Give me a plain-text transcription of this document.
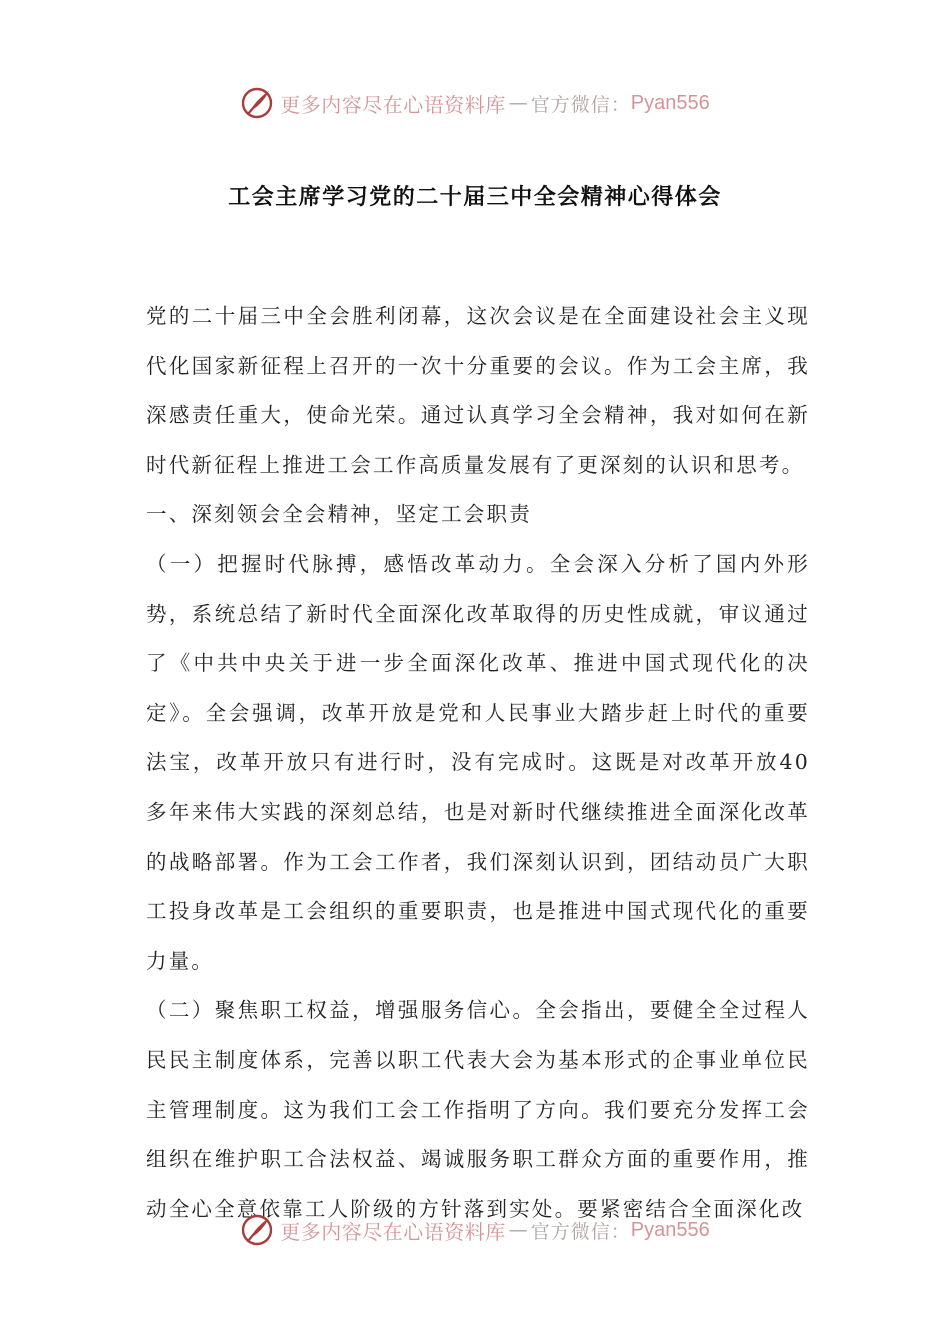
更多内容尽在心语资料库 — 官方微信： Pyan556
工会主席学习党的二十届三中全会精神心得体会

党的二十届三中全会胜利闭幕，这次会议是在全面建设社会主义现代化国家新征程上召开的一次十分重要的会议。作为工会主席，我深感责任重大，使命光荣。通过认真学习全会精神，我对如何在新时代新征程上推进工会工作高质量发展有了更深刻的认识和思考。

一、深刻领会全会精神，坚定工会职责

（一）把握时代脉搏，感悟改革动力。全会深入分析了国内外形势，系统总结了新时代全面深化改革取得的历史性成就，审议通过了《中共中央关于进一步全面深化改革、推进中国式现代化的决定》。全会强调，改革开放是党和人民事业大踏步赶上时代的重要法宝，改革开放只有进行时，没有完成时。这既是对改革开放40多年来伟大实践的深刻总结，也是对新时代继续推进全面深化改革的战略部署。作为工会工作者，我们深刻认识到，团结动员广大职工投身改革是工会组织的重要职责，也是推进中国式现代化的重要力量。

（二）聚焦职工权益，增强服务信心。全会指出，要健全全过程人民民主制度体系，完善以职工代表大会为基本形式的企事业单位民主管理制度。这为我们工会工作指明了方向。我们要充分发挥工会组织在维护职工合法权益、竭诚服务职工群众方面的重要作用，推动全心全意依靠工人阶级的方针落到实处。要紧密结合全面深化改

更多内容尽在心语资料库 — 官方微信： Pyan556
